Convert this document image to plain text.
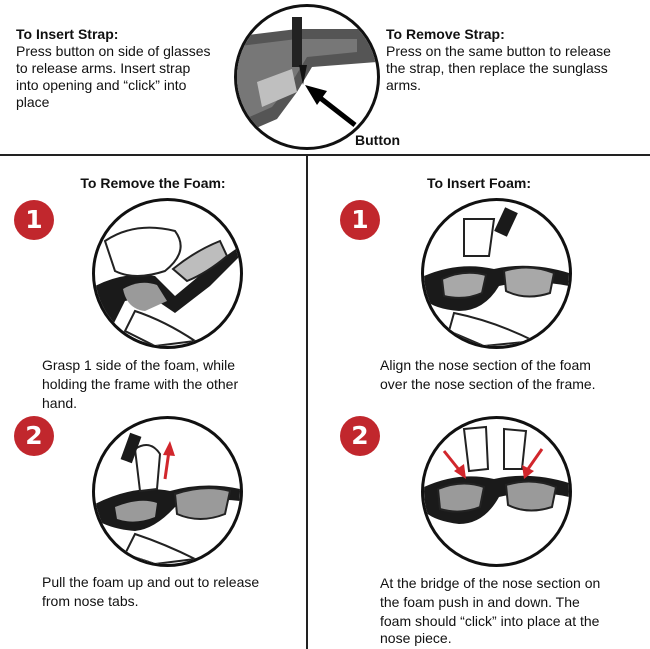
To Insert Strap:
Press button on side of glasses
to release arms. Insert strap
into opening and “click” into
place
To Remove Strap:
Press on the same button to release
the strap, then replace the sunglass
arms.
Button
To Remove the Foam:
1
Grasp 1 side of the foam, while
holding the frame with the other
hand.
2
Pull the foam up and out to release
from nose tabs.
To Insert Foam:
1
Align the nose section of the foam
over the nose section of the frame.
2
At the bridge of the nose section on
the foam push in and down. The
foam should “click” into place at the
nose piece.
